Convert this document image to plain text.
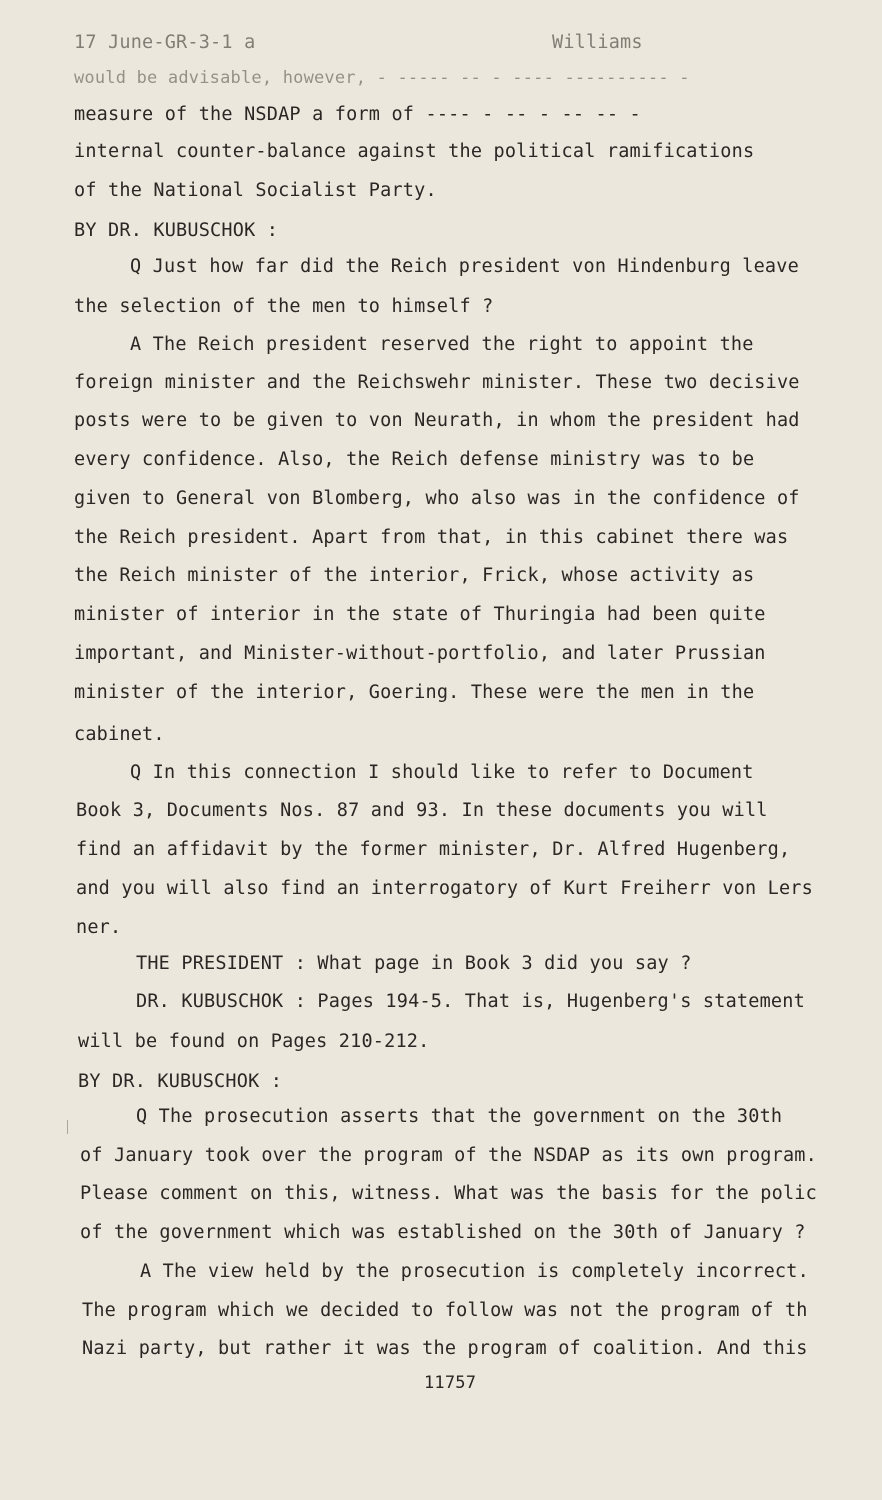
17 June-GR-3-1 a	Williams
would be advisable, however, - ----- -- - ---- ---------- -
measure of the NSDAP a form of ---- - -- - -- -- -
internal counter-balance against the political ramifications
of the National Socialist Party.
BY DR. KUBUSCHOK :
Q Just how far did the Reich president von Hindenburg leave
the selection of the men to himself ?
A The Reich president reserved the right to appoint the
foreign minister and the Reichswehr minister. These two decisive
posts were to be given to von Neurath, in whom the president had
every confidence. Also, the Reich defense ministry was to be
given to General von Blomberg, who also was in the confidence of
the Reich president. Apart from that, in this cabinet there was
the Reich minister of the interior, Frick, whose activity as
minister of interior in the state of Thuringia had been quite
important, and Minister-without-portfolio, and later Prussian
minister of the interior, Goering. These were the men in the
cabinet.
Q In this connection I should like to refer to Document
Book 3, Documents Nos. 87 and 93. In these documents you will
find an affidavit by the former minister, Dr. Alfred Hugenberg,
and you will also find an interrogatory of Kurt Freiherr von Lers
ner.
THE PRESIDENT : What page in Book 3 did you say ?
DR. KUBUSCHOK : Pages 194-5. That is, Hugenberg's statement
will be found on Pages 210-212.
BY DR. KUBUSCHOK :
Q The prosecution asserts that the government on the 30th
of January took over the program of the NSDAP as its own program.
Please comment on this, witness. What was the basis for the polic
of the government which was established on the 30th of January ?
A The view held by the prosecution is completely incorrect.
The program which we decided to follow was not the program of th
Nazi party, but rather it was the program of coalition. And this
11757
